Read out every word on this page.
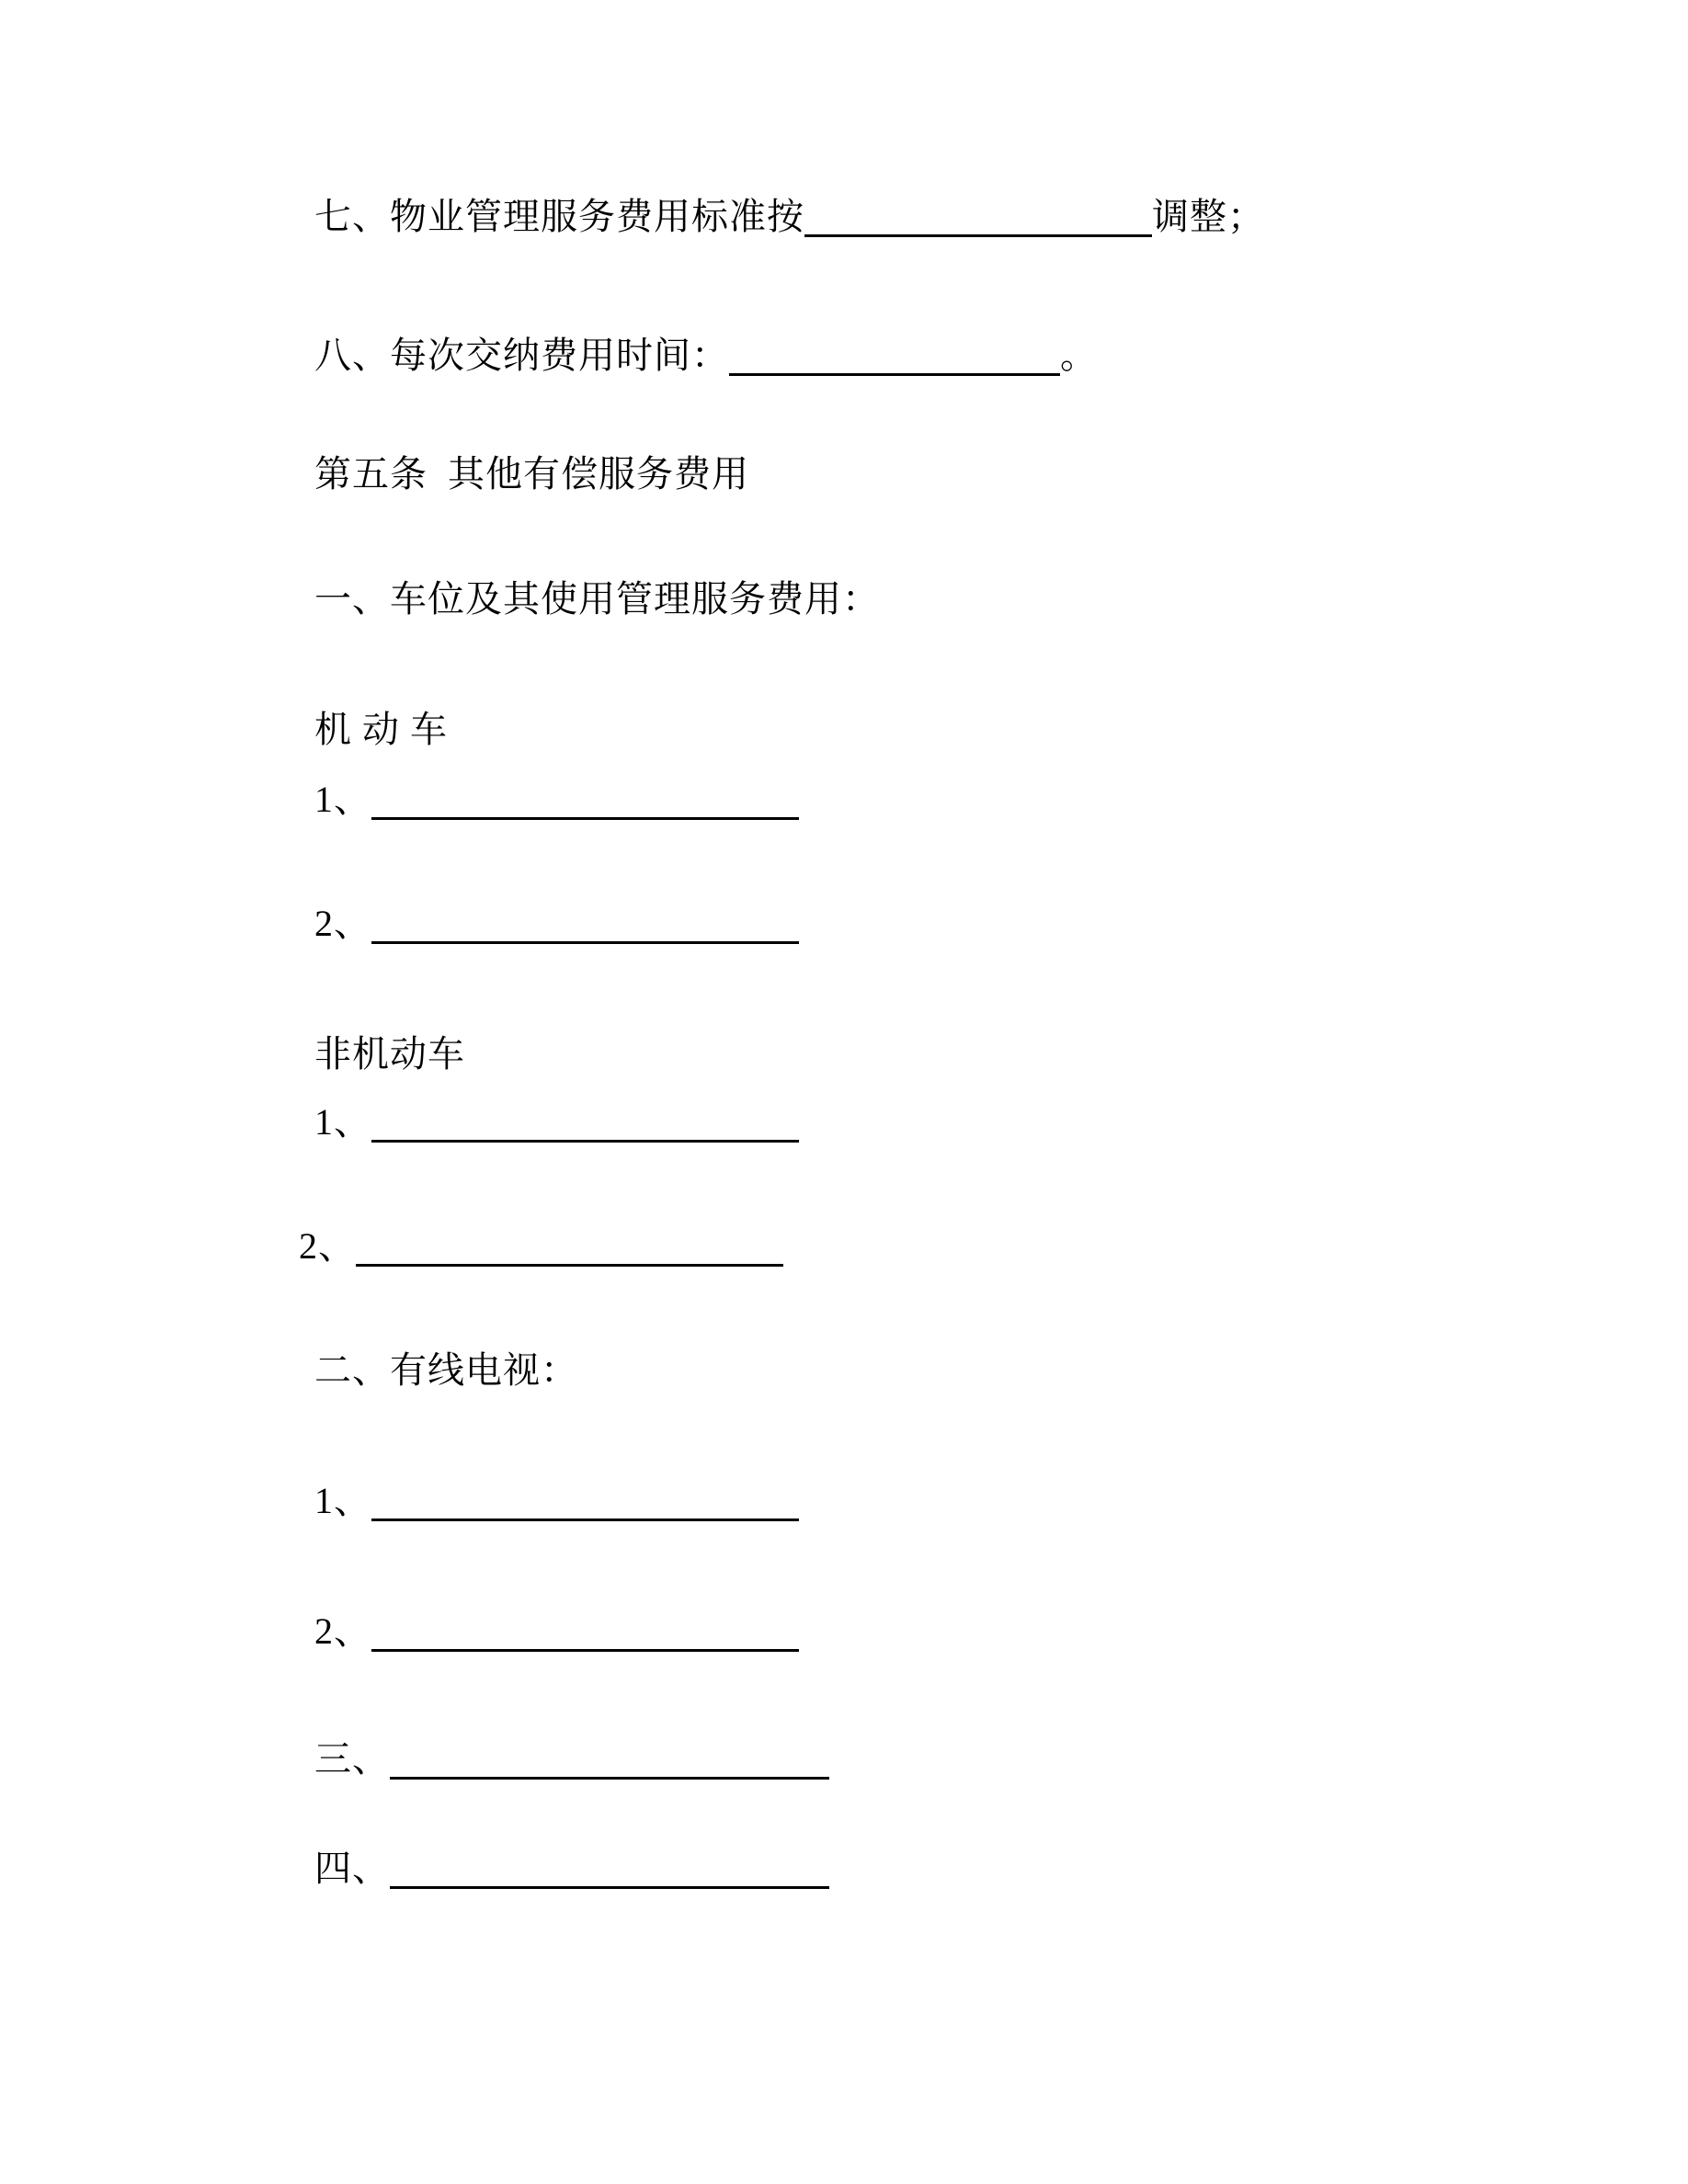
七、物业管理服务费用标准按	调整；
八、每次交纳费用时间：	。
第五条  其他有偿服务费用
一、车位及其使用管理服务费用：
机 动 车
1、
2、
非机动车
1、
2、
二、有线电视：
1、
2、
三、
四、
